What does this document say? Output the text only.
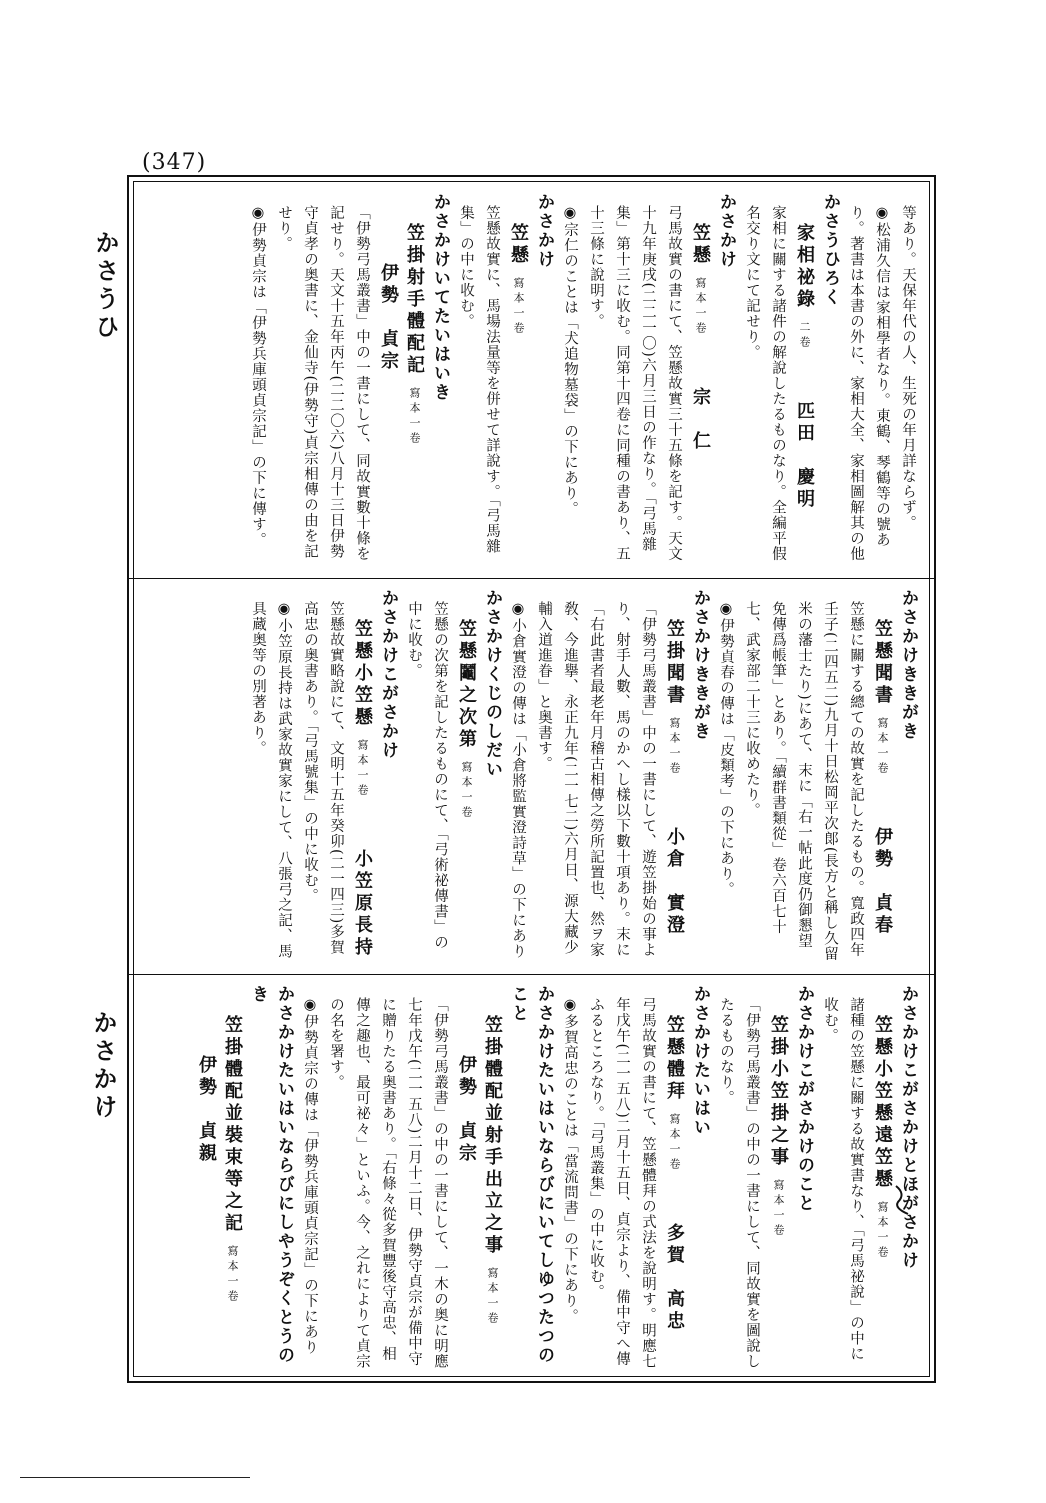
(347)
かさうひ
かさかけ

等あり。天保年代の人、生死の年月詳ならず。

◉松浦久信は家相學者なり。東鶴、琴鶴等の號あり。著書は本書の外に、家相大全、家相圖解其の他

かさうひろく

家相祕錄二卷匹田　慶明

家相に關する諸件の解說したるものなり。全編平假名交り文にて記せり。

かさかけ

笠懸寫本一卷宗　仁

弓馬故實の書にて、笠懸故實三十五條を記す。天文十九年庚戌(二二一〇)六月三日の作なり。「弓馬雜集」第十三に收む。同第十四卷に同種の書あり、五十三條に說明す。

◉宗仁のことは「犬追物墓袋」の下にあり。

かさかけ

笠懸寫本一卷

笠懸故實に、馬場法量等を併せて詳說す。「弓馬雜集」の中に收む。

かさかけいてたいはいき

笠掛射手體配記寫本一卷伊勢　貞宗

「伊勢弓馬叢書」中の一書にして、同故實數十條を記せり。天文十五年丙午(二二〇六)八月十三日伊勢守貞孝の奥書に、金仙寺(伊勢守)貞宗相傳の由を記せり。

◉伊勢貞宗は「伊勢兵庫頭貞宗記」の下に傳す。

かさかけききがき

笠懸聞書寫本一卷伊勢　貞春

笠懸に關する總ての故實を記したるもの。寬政四年壬子(二四五二)九月十日松岡平次郞(長方と稱し久留米の藩士たり)にあて、末に「右一帖此度仍御懇望免傳爲帳筆」とあり。「續群書類從」卷六百七十七、武家部二十三に收めたり。

◉伊勢貞春の傳は「皮類考」の下にあり。

かさかけききがき

笠掛聞書寫本一卷小倉　實澄

「伊勢弓馬叢書」中の一書にして、遊笠掛始の事より、射手人數、馬のかへし樣以下數十項あり。末に「右此書者最老年月稽古相傳之勞所記置也、然ヲ家敎、今進擧、永正九年(二一七二)六月日、源大藏少輔入道進眷」と奥書す。

◉小倉實澄の傳は「小倉將監實澄詩草」の下にあり

かさかけくじのしだい

笠懸鬮之次第寫本一卷

笠懸の次第を記したるものにて、「弓術祕傳書」の中に收む。

かさかけこがさかけ

笠懸小笠懸寫本一卷小笠原長持

笠懸故實略說にて、文明十五年癸卯(二一四三)多賀高忠の奥書あり。「弓馬號集」の中に收む。

◉小笠原長持は武家故實家にして、八張弓之記、馬具蔵奥等の別著あり。

かさかけこがさかけとほがさかけ

笠懸小笠懸遠笠懸寫本一卷

諸種の笠懸に關する故實書なり、「弓馬祕說」の中に收む。

かさかけこがさかけのこと

笠掛小笠掛之事寫本一卷

「伊勢弓馬叢書」の中の一書にして、同故實を圖說したるものなり。

かさかけたいはい

笠懸體拜寫本一卷多賀　高忠

弓馬故實の書にて、笠懸體拜の式法を說明す。明應七年戊午(二一五八)二月十五日、貞宗より、備中守へ傳ふるところなり。「弓馬叢集」の中に收む。

◉多賀高忠のことは「當流問書」の下にあり。

かさかけたいはいならびにいてしゆつたつのこと

笠掛體配並射手出立之事寫本一卷伊勢　貞宗

「伊勢弓馬叢書」の中の一書にして、一木の奥に明應七年戊午(二一五八)二月十二日、伊勢守貞宗が備中守に贈りたる奥書あり。「右條々從多賀豐後守高忠、相傳之趣也、最可祕々」といふ。今、之れによりて貞宗の名を署す。

◉伊勢貞宗の傳は「伊勢兵庫頭貞宗記」の下にあり

かさかけたいはいならびにしやうぞくとうのき

笠掛體配並裝束等之記寫本一卷伊勢　貞親
